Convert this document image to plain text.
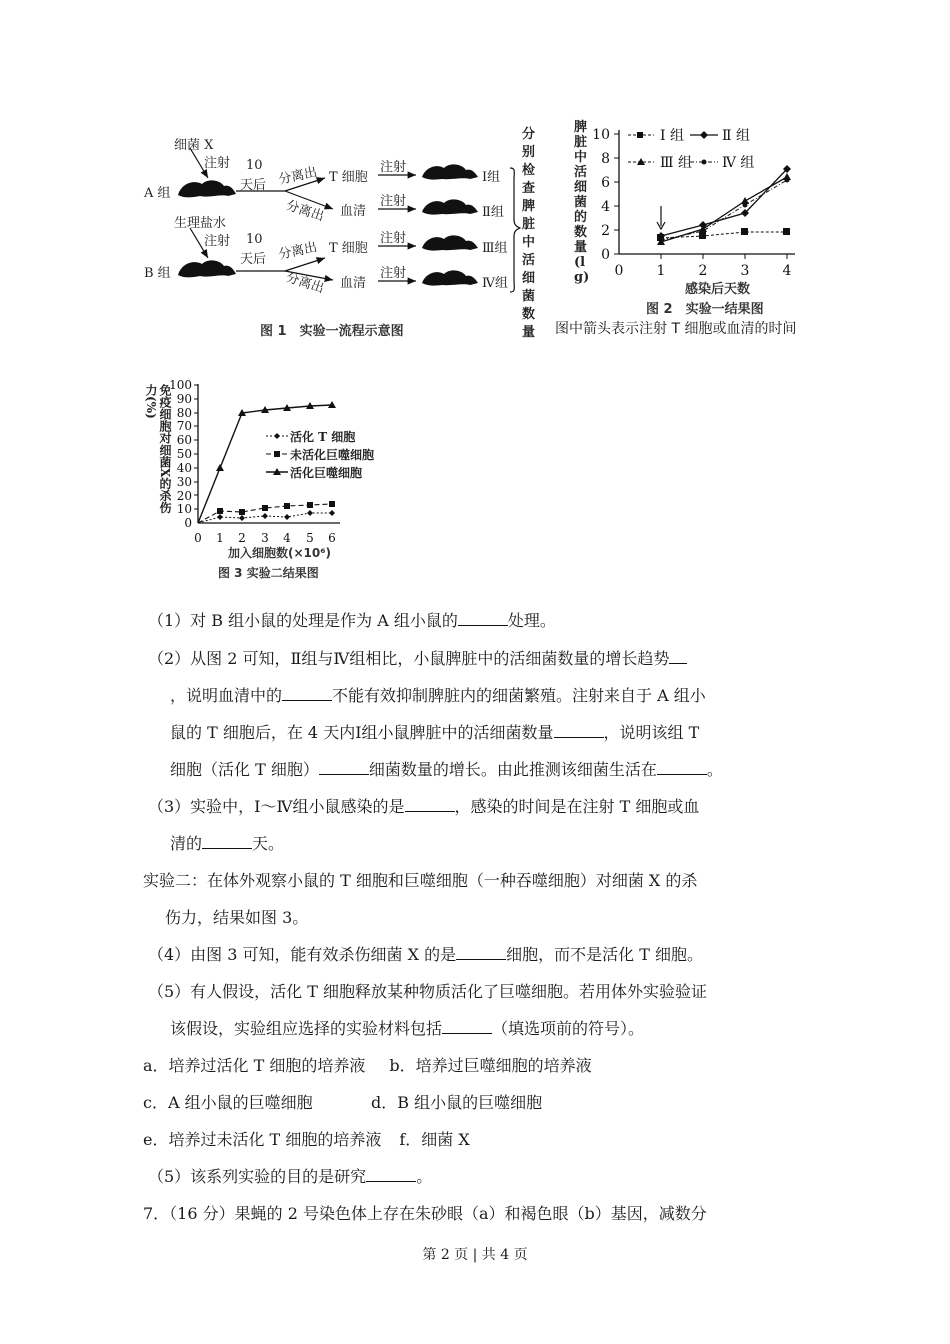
细菌 X
注射
A 组
10
天后 分离出
分离出
T 细胞
血清
注射
注射
生理盐水
注射
B 组
10
天后 分离出
分离出
T 细胞
血清
注射
注射
Ⅰ组
Ⅱ组
Ⅲ组
Ⅳ组
分别检查脾脏中活细菌数量
图 1　实验一流程示意图
0
2
4
6
8
10
0 1 2 3 4
Ⅰ 组	Ⅱ 组
Ⅲ 组 Ⅳ 组
脾脏中活细菌的数量(lg)
感染后天数
图 2　实验一结果图
图中箭头表示注射 T 细胞或血清的时间
0
10
20
30
40
50
60
70
80
90
100
0 1 2 3 4 5 6
活化 T 细胞
未活化巨噬细胞
活化巨噬细胞
免疫细胞对细菌X的杀伤力(%)
加入细胞数(×10⁶)
图 3 实验二结果图
（1）对 B 组小鼠的处理是作为 A 组小鼠的	处理。
（2）从图 2 可知，Ⅱ组与Ⅳ组相比，小鼠脾脏中的活细菌数量的增长趋势
，说明血清中的	不能有效抑制脾脏内的细菌繁殖。注射来自于 A 组小
鼠的 T 细胞后，在 4 天内Ⅰ组小鼠脾脏中的活细菌数量	，说明该组 T
细胞（活化 T 细胞）	细菌数量的增长。由此推测该细菌生活在	。
（3）实验中，Ⅰ～Ⅳ组小鼠感染的是	，感染的时间是在注射 T 细胞或血
清的	天。
实验二：在体外观察小鼠的 T 细胞和巨噬细胞（一种吞噬细胞）对细菌 X 的杀
伤力，结果如图 3。
（4）由图 3 可知，能有效杀伤细菌 X 的是	细胞，而不是活化 T 细胞。
（5）有人假设，活化 T 细胞释放某种物质活化了巨噬细胞。若用体外实验验证
该假设，实验组应选择的实验材料包括	（填选项前的符号）。
a．培养过活化 T 细胞的培养液 b．培养过巨噬细胞的培养液
c．A 组小鼠的巨噬细胞	d．B 组小鼠的巨噬细胞
e．培养过未活化 T 细胞的培养液 f．细菌 X
（5）该系列实验的目的是研究	。
7．（16 分）果蝇的 2 号染色体上存在朱砂眼（a）和褐色眼（b）基因，减数分
第 2 页 | 共 4 页
